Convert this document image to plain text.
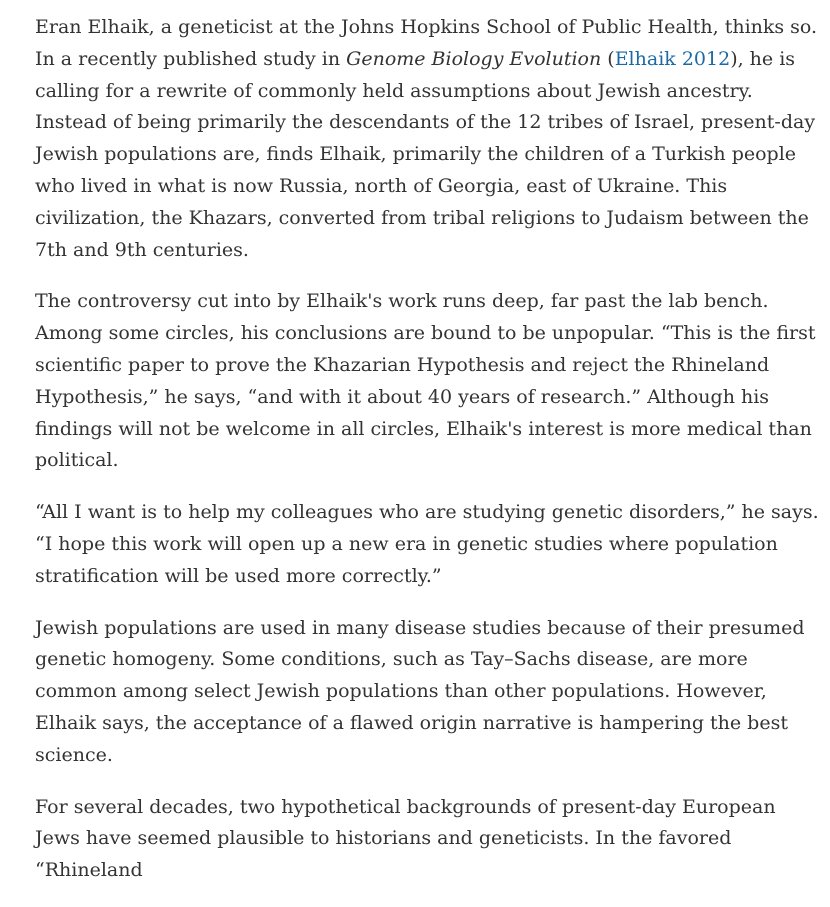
Eran Elhaik, a geneticist at the Johns Hopkins School of Public Health, thinks so. In a recently published study in Genome Biology Evolution (Elhaik 2012), he is calling for a rewrite of commonly held assumptions about Jewish ancestry. Instead of being primarily the descendants of the 12 tribes of Israel, present-day Jewish populations are, finds Elhaik, primarily the children of a Turkish people who lived in what is now Russia, north of Georgia, east of Ukraine. This civilization, the Khazars, converted from tribal religions to Judaism between the 7th and 9th centuries.

The controversy cut into by Elhaik's work runs deep, far past the lab bench. Among some circles, his conclusions are bound to be unpopular. “This is the first scientific paper to prove the Khazarian Hypothesis and reject the Rhineland Hypothesis,” he says, “and with it about 40 years of research.” Although his findings will not be welcome in all circles, Elhaik's interest is more medical than political.

“All I want is to help my colleagues who are studying genetic disorders,” he says. “I hope this work will open up a new era in genetic studies where population stratification will be used more correctly.”

Jewish populations are used in many disease studies because of their presumed genetic homogeny. Some conditions, such as Tay–Sachs disease, are more common among select Jewish populations than other populations. However, Elhaik says, the acceptance of a flawed origin narrative is hampering the best science.

For several decades, two hypothetical backgrounds of present-day European Jews have seemed plausible to historians and geneticists. In the favored “Rhineland
